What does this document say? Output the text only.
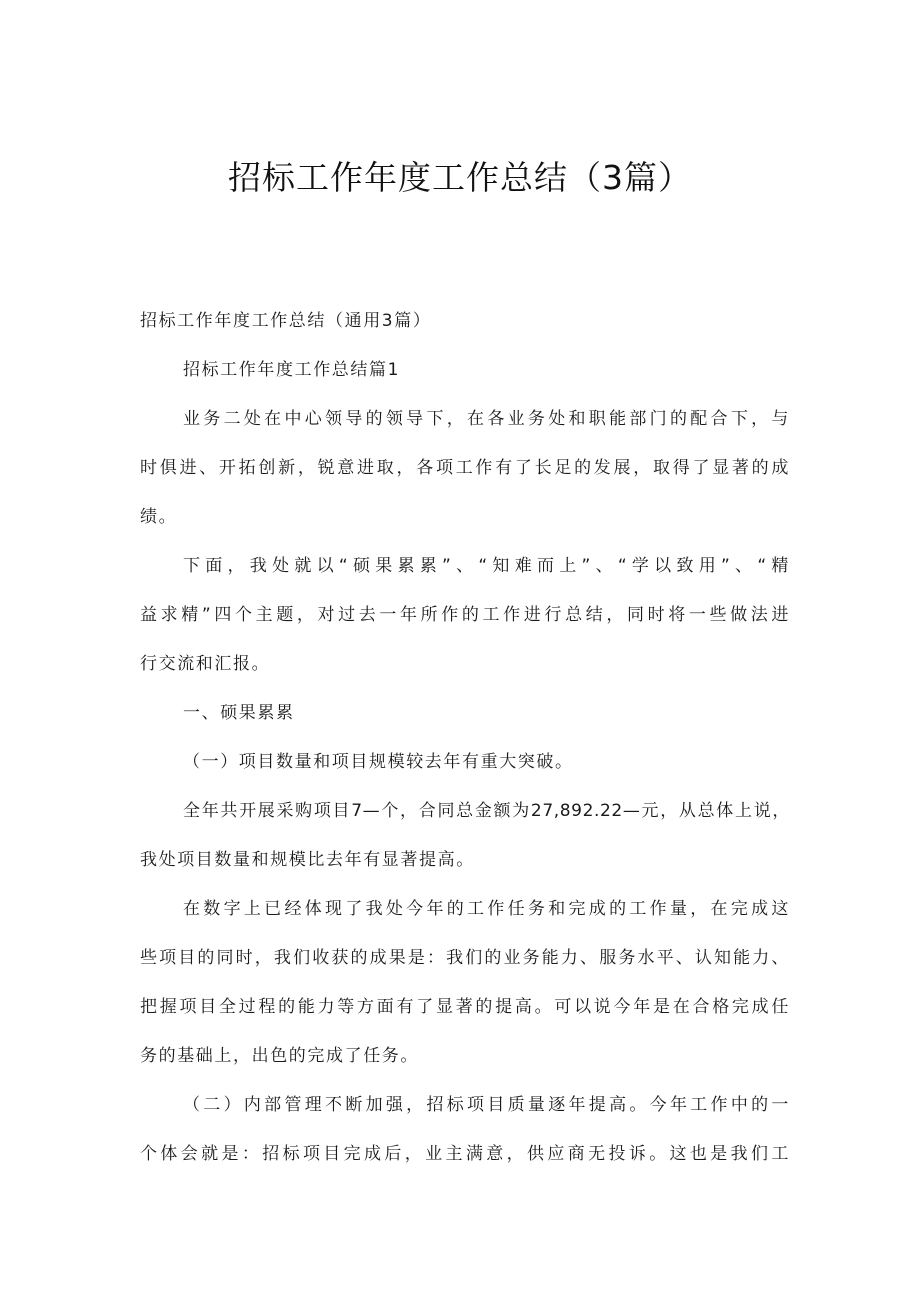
招标工作年度工作总结（3篇）

招标工作年度工作总结（通用3篇）

招标工作年度工作总结篇1

业务二处在中心领导的领导下，在各业务处和职能部门的配合下，与

时俱进、开拓创新，锐意进取，各项工作有了长足的发展，取得了显著的成

绩。

下面，我处就以“硕果累累”、“知难而上”、“学以致用”、“精

益求精”四个主题，对过去一年所作的工作进行总结，同时将一些做法进

行交流和汇报。

一、硕果累累

（一）项目数量和项目规模较去年有重大突破。

全年共开展采购项目7—个，合同总金额为27,892.22—元，从总体上说，

我处项目数量和规模比去年有显著提高。

在数字上已经体现了我处今年的工作任务和完成的工作量，在完成这

些项目的同时，我们收获的成果是：我们的业务能力、服务水平、认知能力、

把握项目全过程的能力等方面有了显著的提高。可以说今年是在合格完成任

务的基础上，出色的完成了任务。

（二）内部管理不断加强，招标项目质量逐年提高。今年工作中的一

个体会就是：招标项目完成后，业主满意，供应商无投诉。这也是我们工
